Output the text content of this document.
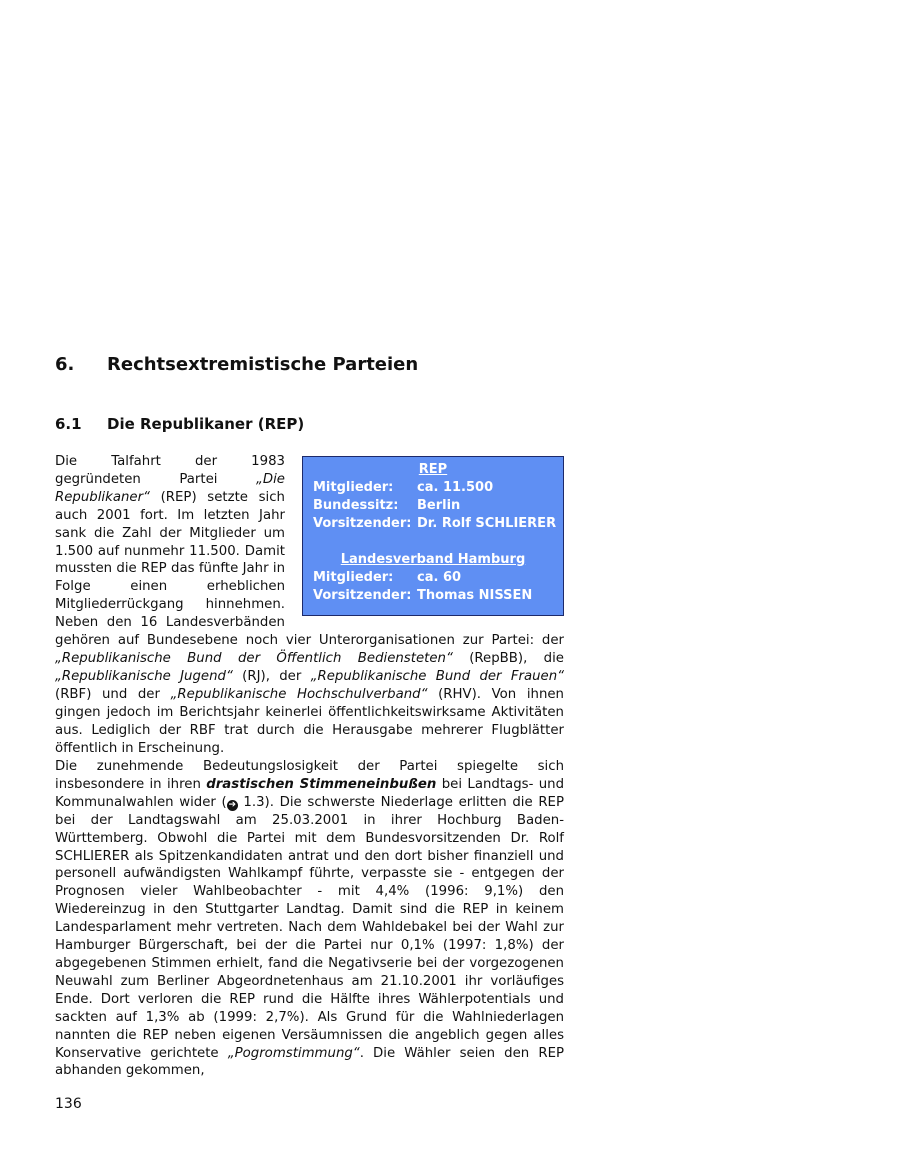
6. Rechtsextremistische Parteien
6.1 Die Republikaner (REP)
REP
Mitglieder:	ca. 11.500
Bundessitz:	Berlin
Vorsitzender: Dr. Rolf SCHLIERER
Landesverband Hamburg
Mitglieder:	ca. 60
Vorsitzender: Thomas NISSEN

Die Talfahrt der 1983 gegründeten Partei „Die Republikaner“ (REP) setzte sich auch 2001 fort. Im letzten Jahr sank die Zahl der Mitglieder um 1.500 auf nunmehr 11.500. Damit mussten die REP das fünfte Jahr in Folge einen erheblichen Mitgliederrückgang hinnehmen. Neben den 16 Landesverbänden gehören auf Bundesebene noch vier Unterorganisationen zur Partei: der „Republikanische Bund der Öffentlich Bediensteten“ (RepBB), die „Republikanische Jugend“ (RJ), der „Republikanische Bund der Frauen“ (RBF) und der „Republikanische Hochschulverband“ (RHV). Von ihnen gingen jedoch im Berichtsjahr keinerlei öffentlichkeitswirksame Aktivitäten aus. Lediglich der RBF trat durch die Herausgabe mehrerer Flugblätter öffentlich in Erscheinung.

Die zunehmende Bedeutungslosigkeit der Partei spiegelte sich insbesondere in ihren drastischen Stimmeneinbußen bei Landtags- und Kommunalwahlen wider ( ➔ 1.3). Die schwerste Niederlage erlitten die REP bei der Landtagswahl am 25.03.2001 in ihrer Hochburg Baden-Württemberg. Obwohl die Partei mit dem Bundesvorsitzenden Dr. Rolf SCHLIERER als Spitzenkandidaten antrat und den dort bisher finanziell und personell aufwändigsten Wahlkampf führte, verpasste sie - entgegen der Prognosen vieler Wahlbeobachter - mit 4,4% (1996: 9,1%) den Wiedereinzug in den Stuttgarter Landtag. Damit sind die REP in keinem Landesparlament mehr vertreten. Nach dem Wahldebakel bei der Wahl zur Hamburger Bürgerschaft, bei der die Partei nur 0,1% (1997: 1,8%) der abgegebenen Stimmen erhielt, fand die Negativserie bei der vorgezogenen Neuwahl zum Berliner Abgeordnetenhaus am 21.10.2001 ihr vorläufiges Ende. Dort verloren die REP rund die Hälfte ihres Wählerpotentials und sackten auf 1,3% ab (1999: 2,7%). Als Grund für die Wahlniederlagen nannten die REP neben eigenen Versäumnissen die angeblich gegen alles Konservative gerichtete „Pogromstimmung“. Die Wähler seien den REP abhanden gekommen,

136
